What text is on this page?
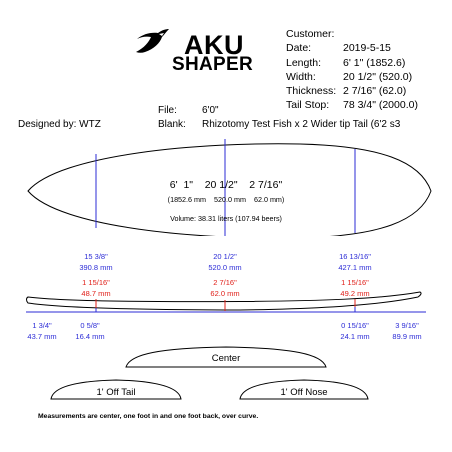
AKU
SHAPER
Customer:
Date:	2019-5-15
Length: 6' 1" (1852.6)
Width:	20 1/2" (520.0)
Thickness: 2 7/16" (62.0)
Tail Stop: 78 3/4" (2000.0)
File:	6'0"
Designed by: WTZ	Blank: Rhizotomy Test Fish x 2 Wider tip Tail (6'2 s3
6'  1"    20 1/2"    2 7/16"
(1852.6 mm    520.0 mm    62.0 mm)
Volume: 38.31 liters (107.94 beers)
15 3/8"
390.8 mm
20 1/2"
520.0 mm
16 13/16"
427.1 mm
1 15/16"
48.7 mm
2 7/16"
62.0 mm
1 15/16"
49.2 mm
1 3/4"
43.7 mm
0 5/8"
16.4 mm
0 15/16"
24.1 mm
3 9/16"
89.9 mm
Center
1' Off Tail	1' Off Nose
Measurements are center, one foot in and one foot back, over curve.
